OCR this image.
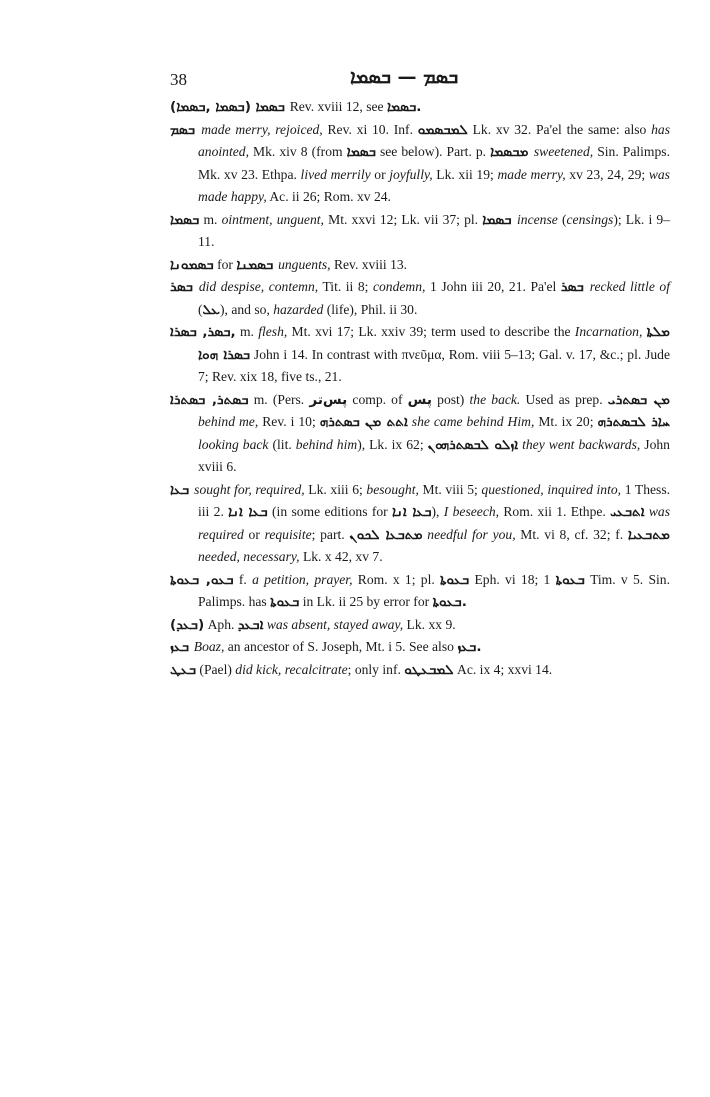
38	ܒܣܡ — ܒܣܡܐ

ܒܣܡܐ (ܒܣܡܐ ,ܒܣܡܐ) Rev. xviii 12, see ܒܣܡܐ.

ܒܣܡ made merry, rejoiced, Rev. xi 10. Inf. ܠܡܒܣܡܘ Lk. xv 32. Pa'el the same: also has anointed, Mk. xiv 8 (from ܒܣܡܐ see below). Part. p. ܡܒܣܡܐ sweetened, Sin. Palimps. Mk. xv 23. Ethpa. lived merrily or joyfully, Lk. xii 19; made merry, xv 23, 24, 29; was made happy, Ac. ii 26; Rom. xv 24.

ܒܣܡܐ m. ointment, unguent, Mt. xxvi 12; Lk. vii 37; pl. ܒܣܡܐ incense (censings); Lk. i 9–11.

ܒܣܡܘܢܐ for ܒܣܡܢܐ unguents, Rev. xviii 13.

ܒܣܪ did despise, contemn, Tit. ii 8; condemn, 1 John iii 20, 21. Pa'el ܒܣܪ recked little of (ܥܠ), and so, hazarded (life), Phil. ii 30.

ܒܣܪ, ܒܣܪܐ, m. flesh, Mt. xvi 17; Lk. xxiv 39; term used to describe the Incarnation, ܡܠܬܐ ܒܣܪܐ ܗܘܐ John i 14. In contrast with πνεῦμα, Rom. viii 5–13; Gal. v. 17, &c.; pl. Jude 7; Rev. xix 18, five ts., 21.

ܒܣܬܪ, ܒܣܬܪܐ m. (Pers. پس‌تر comp. of پس post) the back. Used as prep. ܡܢ ܒܣܬܪܝ behind me, Rev. i 10; ܐܬܬ ܡܢ ܒܣܬܪܗ she came behind Him, Mt. ix 20; ܚܐܪ ܠܒܣܬܪܗ looking back (lit. behind him), Lk. ix 62; ܐܙܠܘ ܠܒܣܬܪܗܘܢ they went backwards, John xviii 6.

ܒܥܐ sought for, required, Lk. xiii 6; besought, Mt. viii 5; questioned, inquired into, 1 Thess. iii 2. ܒܥܐ ܐܢܐ (in some editions for ܒܥܐ ܐܢܐ), I beseech, Rom. xii 1. Ethpe. ܐܬܒܥܝ was required or requisite; part. ܡܬܒܥܐ ܠܟܘܢ needful for you, Mt. vi 8, cf. 32; f. ܡܬܒܥܝܐ needed, necessary, Lk. x 42, xv 7.

ܒܥܘ, ܒܥܘܬܐ f. a petition, prayer, Rom. x 1; pl. ܒܥܘܬܐ Eph. vi 18; ܒܥܘܬܐ 1 Tim. v 5. Sin. Palimps. has ܒܥܘܬܐ in Lk. ii 25 by error for ܒܥܘܬܐ.

(ܒܥܕ) Aph. ܐܒܥܕ was absent, stayed away, Lk. xx 9.

ܒܥܙ Boaz, an ancestor of S. Joseph, Mt. i 5. See also ܒܥܙ.

ܒܥܛ (Pael) did kick, recalcitrate; only inf. ܠܡܒܥܛܘ Ac. ix 4; xxvi 14.
